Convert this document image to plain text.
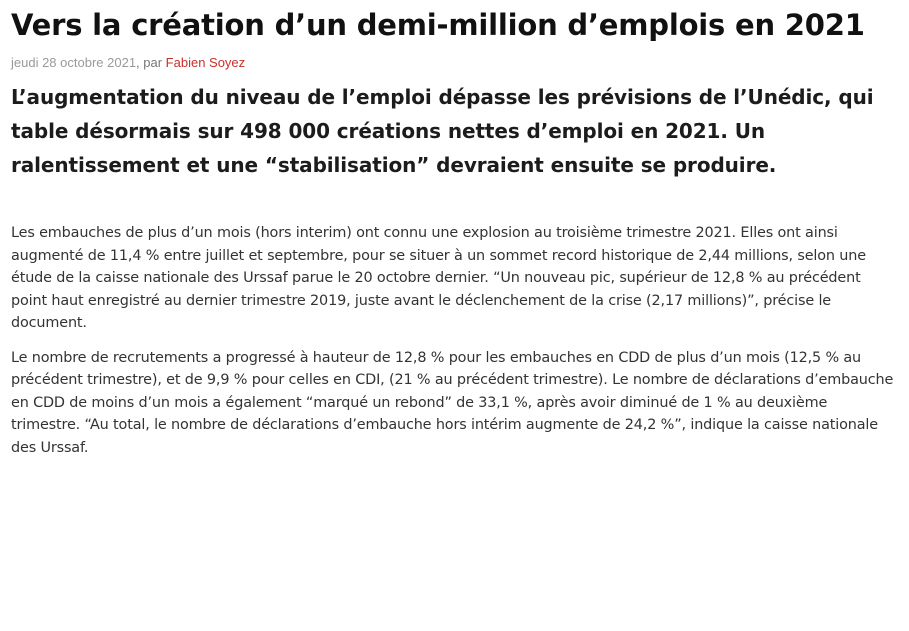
Vers la création d’un demi-million d’emplois en 2021
jeudi 28 octobre 2021, par Fabien Soyez
L’augmentation du niveau de l’emploi dépasse les prévisions de l’Unédic, qui table désormais sur 498 000 créations nettes d’emploi en 2021. Un ralentissement et une “stabilisation” devraient ensuite se produire.

Les embauches de plus d’un mois (hors interim) ont connu une explosion au troisième trimestre 2021. Elles ont ainsi augmenté de 11,4 % entre juillet et septembre, pour se situer à un sommet record historique de 2,44 millions, selon une étude de la caisse nationale des Urssaf parue le 20 octobre dernier. “Un nouveau pic, supérieur de 12,8 % au précédent point haut enregistré au dernier trimestre 2019, juste avant le déclenchement de la crise (2,17 millions)”, précise le document.

Le nombre de recrutements a progressé à hauteur de 12,8 % pour les embauches en CDD de plus d’un mois (12,5 % au précédent trimestre), et de 9,9 % pour celles en CDI, (21 % au précédent trimestre). Le nombre de déclarations d’embauche en CDD de moins d’un mois a également “marqué un rebond” de 33,1 %, après avoir diminué de 1 % au deuxième trimestre. “Au total, le nombre de déclarations d’embauche hors intérim augmente de 24,2 %”, indique la caisse nationale des Urssaf.
